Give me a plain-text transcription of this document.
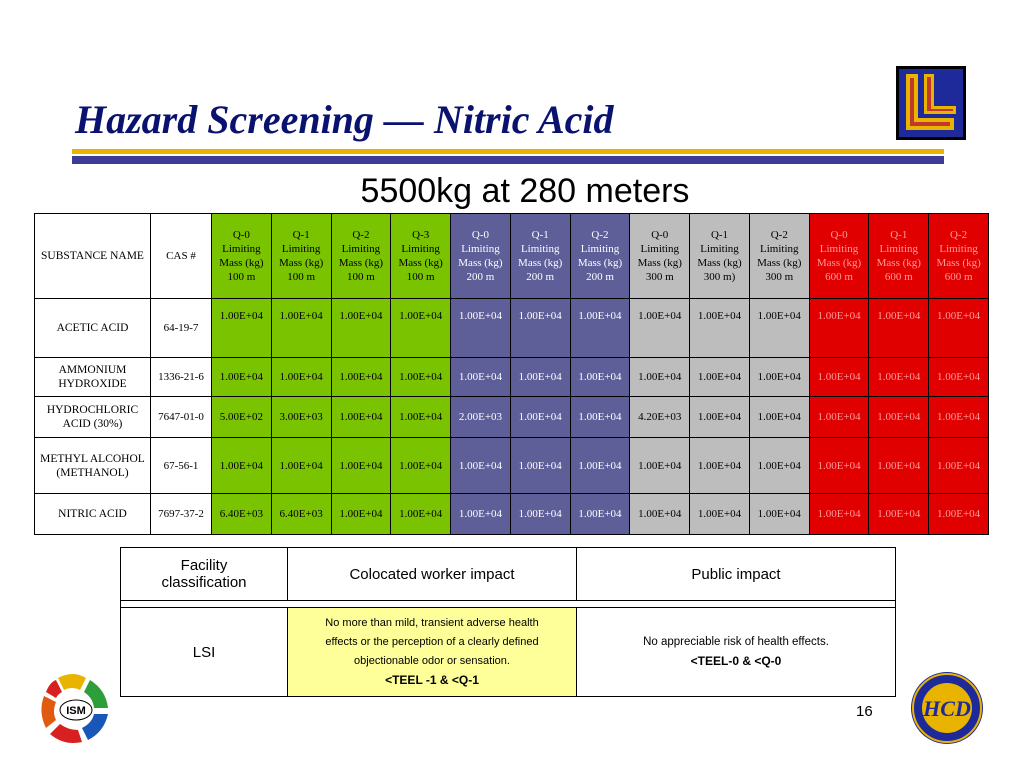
Hazard Screening — Nitric Acid
5500kg at 280 meters
SUBSTANCE NAME	CAS #	Q-0
Limiting
Mass (kg)
100 m	Q-1
Limiting
Mass (kg)
100 m	Q-2
Limiting
Mass (kg)
100 m	Q-3
Limiting
Mass (kg)
100 m	Q-0
Limiting
Mass (kg)
200 m	Q-1
Limiting
Mass (kg)
200 m	Q-2
Limiting
Mass (kg)
200 m	Q-0
Limiting
Mass (kg)
300 m	Q-1
Limiting
Mass (kg)
300 m)	Q-2
Limiting
Mass (kg)
300 m	Q-0
Limiting
Mass (kg)
600 m	Q-1
Limiting
Mass (kg)
600 m	Q-2
Limiting
Mass (kg)
600 m
ACETIC ACID	64-19-7	1.00E+04	1.00E+04	1.00E+04	1.00E+04	1.00E+04	1.00E+04	1.00E+04	1.00E+04	1.00E+04	1.00E+04	1.00E+04	1.00E+04	1.00E+04
AMMONIUM
HYDROXIDE	1336-21-6	1.00E+04	1.00E+04	1.00E+04	1.00E+04	1.00E+04	1.00E+04	1.00E+04	1.00E+04	1.00E+04	1.00E+04	1.00E+04	1.00E+04	1.00E+04
HYDROCHLORIC
ACID (30%)	7647-01-0	5.00E+02	3.00E+03	1.00E+04	1.00E+04	2.00E+03	1.00E+04	1.00E+04	4.20E+03	1.00E+04	1.00E+04	1.00E+04	1.00E+04	1.00E+04
METHYL ALCOHOL
(METHANOL)	67-56-1	1.00E+04	1.00E+04	1.00E+04	1.00E+04	1.00E+04	1.00E+04	1.00E+04	1.00E+04	1.00E+04	1.00E+04	1.00E+04	1.00E+04	1.00E+04
NITRIC ACID	7697-37-2	6.40E+03	6.40E+03	1.00E+04	1.00E+04	1.00E+04	1.00E+04	1.00E+04	1.00E+04	1.00E+04	1.00E+04	1.00E+04	1.00E+04	1.00E+04
Facility
classification	Colocated worker impact	Public impact

LSI	No more than mild, transient adverse health
effects or the perception of a clearly defined
objectionable odor or sensation.
<TEEL -1 & <Q-1	No appreciable risk of health effects.
<TEEL-0 & <Q-0
ISM	16 HCD
